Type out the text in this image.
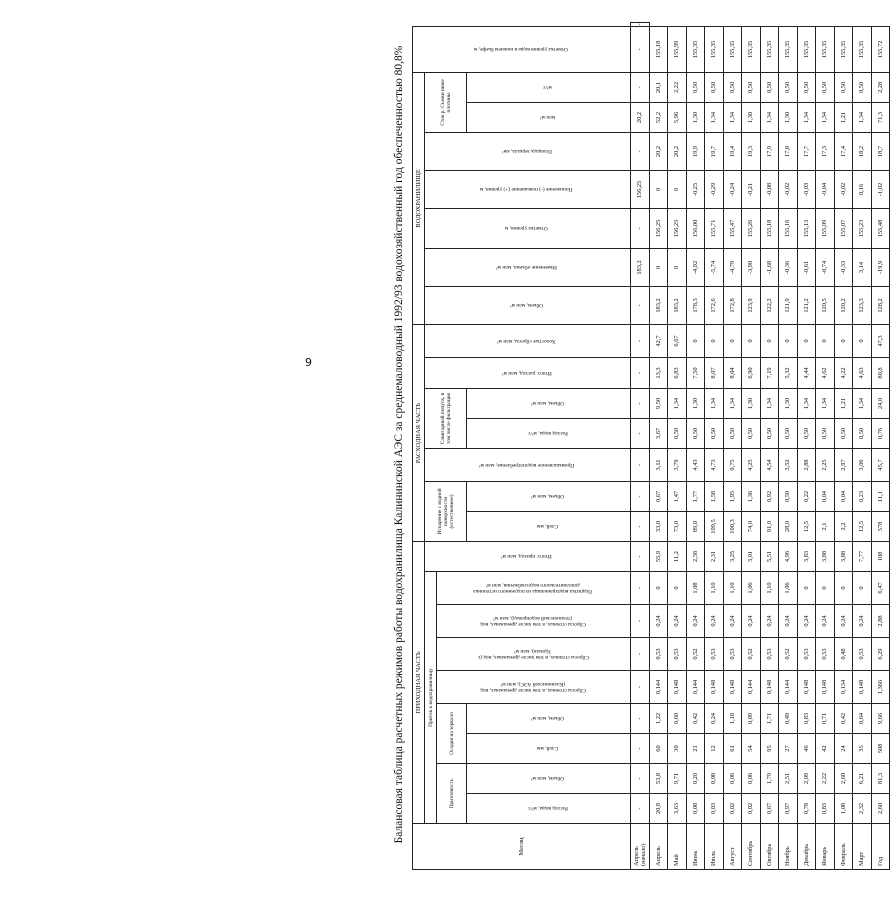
9	Балансовая таблица расчетных режимов работы водохранилища Калининской АЭС за среднемаловодный 1992/93 водохозяйственный год обеспеченностью 80,8%
Месяц	ПРИХОДНАЯ ЧАСТЬ									РАСХОДНАЯ ЧАСТЬ							ВОДОХРАНИЛИЩЕ							Отметка уровня воды в нижнем бьефе, м	
	Приток к водохранилищу								Итого: приход, млн м³	Испарение с водной поверхности (естественное)		Промышленное водопотребление, млн м³	Санитарный попуск, в том числе фильтрация		Итого: расход, млн м³	Холостые сбросы, млн м³	Объем, млн м³	Изменение объема, млн м³	Отметка уровня, м	Понижение (-) повышение (+) уровня, м	Площадь зеркала, км²	Сток р. Съежи ниже плотины			
	Приточность		Осадки на зеркало		Сбросы сточных, в том числе дренажных, вод (Калининской АЭС), млн м³	Сбросы сточных, в том числе дренажных, вод (г. Удомля), млн м³	Сбросы сточных, в том числе дренажных, вод (технический водопровод), млн м³	Подпитка водохранилища из подземного источника дополнительного водоснабжения, млн м³																	
	Расход воды, м³/с	Объем, млн м³	Слой, мм	Объем, млн м³						Слой, мм	Объем, млн м³		Расход воды, м³/с	Объем, млн м³								млн м³	м³/с		

Апрель (начало)	-	-	-	-	-	-	-	-	-	-	-	-	-	-	-	-	-	183,2	-	156,25	-	20,2	-	-	-
Апрель	20,8	53,8	60	1,22	0,144	0,53	0,24	0	55,9	33,0	0,67	3,11	3,67	9,50	13,3	42,7	183,2	0	156,25	0	20,2	52,2	20,1	155,18	
Май	3,63	9,71	30	0,60	0,148	0,53	0,24	0	11,2	73,0	1,47	3,79	0,50	1,34	6,83	6,67	183,2	0	156,25	0	20,2	5,96	2,22	155,99	
Июнь	0,08	0,20	21	0,42	0,144	0,52	0,24	1,08	2,58	89,0	1,77	4,43	0,50	1,30	7,50	0	178,3	-4,92	156,00	-0,25	19,9	1,30	0,50	155,35	
Июль	0,03	0,08	12	0,24	0,148	0,53	0,24	1,10	2,31	109,5	1,58	4,73	0,50	1,34	8,07	0	172,6	-5,74	155,71	-0,29	19,7	1,34	0,50	155,35	
Август	0,02	0,06	61	1,18	0,148	0,53	0,24	1,10	3,25	100,3	1,95	0,75	0,50	1,34	8,04	0	172,8	-4,79	155,47	-0,24	19,4	1,34	0,50	155,35	
Сентябрь	0,02	0,06	54	0,09	0,144	0,52	0,24	1,06	3,01	74,0	1,36	4,25	0,50	1,30	6,90	0	123,9	-3,90	155,26	-0,21	19,3	1,30	0,50	155,35	
Октябрь	0,67	1,79	95	1,71	0,148	0,53	0,24	1,10	5,51	91,0	0,92	4,54	0,50	1,34	7,19	0	122,2	-1,68	155,18	-0,08	17,9	1,34	0,50	155,35	
Ноябрь	0,97	2,51	27	0,49	0,144	0,52	0,24	1,06	4,96	28,0	0,50	3,52	0,50	1,30	5,32	0	121,9	-0,36	155,16	-0,02	17,8	1,30	0,50	155,35	
Декабрь	0,78	2,09	46	0,83	0,148	0,53	0,24	0	3,83	12,5	0,22	2,88	0,50	1,34	4,44	0	121,2	-0,61	155,13	-0,03	17,7	1,34	0,50	155,35	
Январь	0,83	2,22	42	0,71	0,148	0,53	0,24	0	3,88	2,1	0,04	2,25	0,50	1,34	4,62	0	120,5	-0,74	155,09	-0,04	17,3	1,34	0,50	155,35	
Февраль	1,08	2,60	24	0,42	0,134	0,48	0,24	0	3,88	2,2	0,04	2,97	0,50	1,21	4,22	0	120,2	-0,33	155,07	-0,02	17,4	1,21	0,50	155,35	
Март	2,32	6,21	35	0,64	0,148	0,53	0,24	0	7,77	12,5	0,23	3,06	0,50	1,34	4,63	0	123,3	3,14	155,23	0,16	18,2	1,34	0,50	155,35	
Год	2,60	81,3	508	9,66	1,366	6,29	2,88	6,47	108	578	11,1	45,7	0,76	24,0	80,8	47,3	128,2	-19,9	155,48	-1,02	18,7	71,3	2,28	155,72	
